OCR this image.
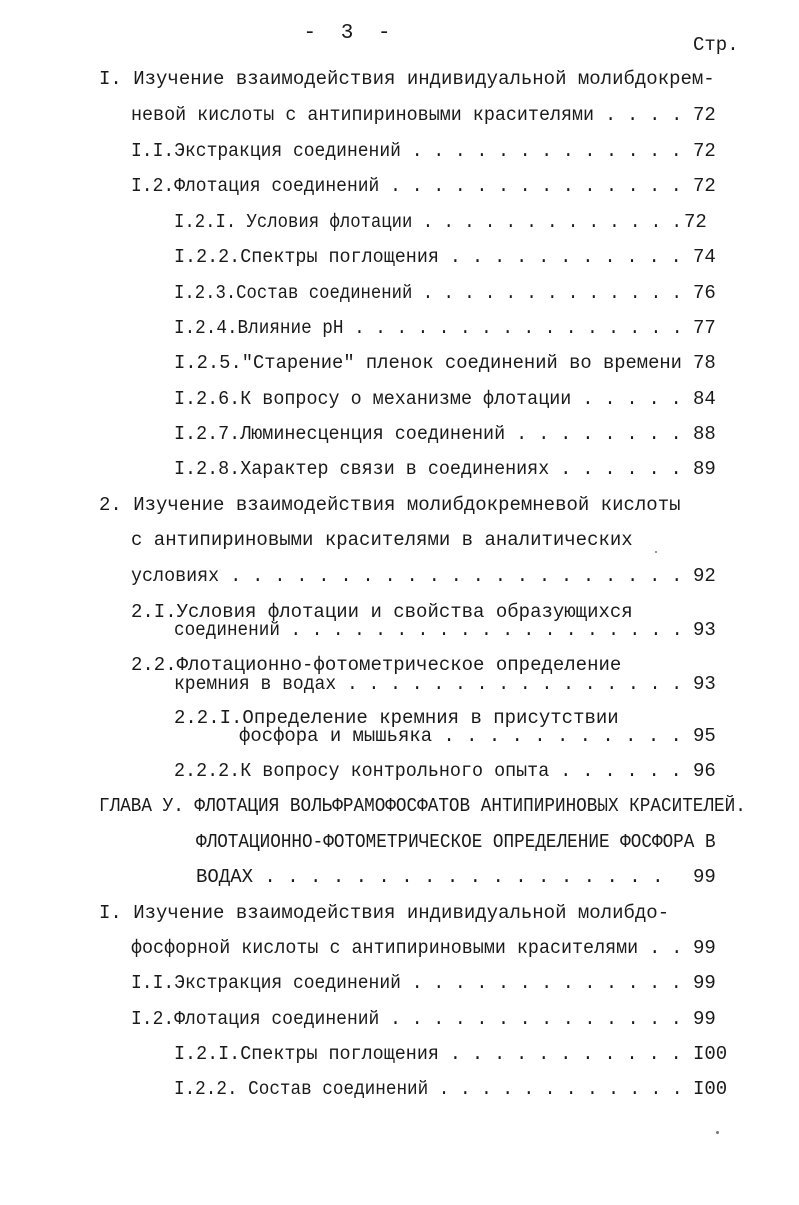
- 3 -	Стр.
I. Изучение взаимодействия индивидуальной молибдокрем-
невой кислоты с антипириновыми красителями . . . . 72
I.I.Экстракция соединений . . . . . . . . . . . . . 72
I.2.Флотация соединений . . . . . . . . . . . . . . 72
I.2.I. Условия флотации . . . . . . . . . . . . . 72
I.2.2.Спектры поглощения . . . . . . . . . . . 74
I.2.3.Состав соединений . . . . . . . . . . . . . 76
I.2.4.Влияние pH . . . . . . . . . . . . . . . . 77
I.2.5."Старение" пленок соединений во времени 78
I.2.6.К вопросу о механизме флотации . . . . . 84
I.2.7.Люминесценция соединений . . . . . . . . 88
I.2.8.Характер связи в соединениях . . . . . . 89
2. Изучение взаимодействия молибдокремневой кислоты
с антипириновыми красителями в аналитических
условиях . . . . . . . . . . . . . . . . . . . . . 92
2.I.Условия флотации и свойства образующихся
соединений . . . . . . . . . . . . . . . . . . . 93
2.2.Флотационно-фотометрическое определение
кремния в водах . . . . . . . . . . . . . . . . 93
2.2.I.Определение кремния в присутствии
фосфора и мышьяка . . . . . . . . . . . 95
2.2.2.К вопросу контрольного опыта . . . . . . 96
ГЛАВА У. ФЛОТАЦИЯ ВОЛЬФРАМОФОСФАТОВ АНТИПИРИНОВЫХ КРАСИТЕЛЕЙ.
ФЛОТАЦИОННО-ФОТОМЕТРИЧЕСКОЕ ОПРЕДЕЛЕНИЕ ФОСФОРА В
ВОДАХ . . . . . . . . . . . . . . . . . . 99
I. Изучение взаимодействия индивидуальной молибдо-
фосфорной кислоты с антипириновыми красителями . . 99
I.I.Экстракция соединений . . . . . . . . . . . . . 99
I.2.Флотация соединений . . . . . . . . . . . . . . 99
I.2.I.Спектры поглощения . . . . . . . . . . . I00
I.2.2. Состав соединений . . . . . . . . . . . . I00
